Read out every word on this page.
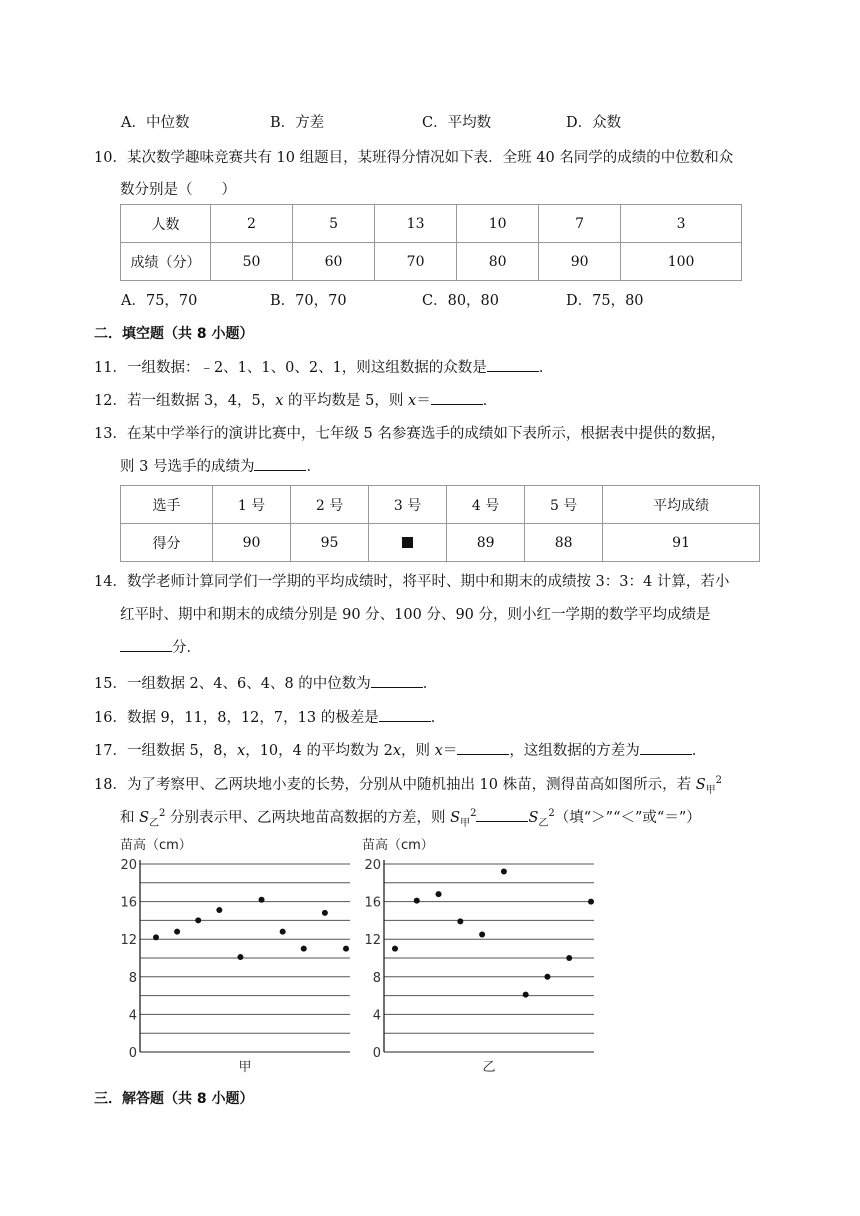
A．中位数	B．方差	C．平均数	D．众数
10．某次数学趣味竞赛共有 10 组题目，某班得分情况如下表．全班 40 名同学的成绩的中位数和众
数分别是（　　）
人数	2	5	13	10	7	3
成绩（分）	50	60	70	80	90	100
A．75，70	B．70，70	C．80，80	D．75，80
二．填空题（共 8 小题）
11．一组数据：﹣2、1、1、0、2、1，则这组数据的众数是	．
12．若一组数据 3，4，5，x 的平均数是 5，则 x＝	．
13．在某中学举行的演讲比赛中，七年级 5 名参赛选手的成绩如下表所示，根据表中提供的数据，
则 3 号选手的成绩为	．
选手	1 号	2 号	3 号	4 号	5 号	平均成绩
得分	90	95		89	88	91
14．数学老师计算同学们一学期的平均成绩时，将平时、期中和期末的成绩按 3：3：4 计算，若小
红平时、期中和期末的成绩分别是 90 分、100 分、90 分，则小红一学期的数学平均成绩是
分．
15．一组数据 2、4、6、4、8 的中位数为	．
16．数据 9，11，8，12，7，13 的极差是	．
17．一组数据 5，8，x，10，4 的平均数为 2x，则 x＝	，这组数据的方差为	．
18．为了考察甲、乙两块地小麦的长势，分别从中随机抽出 10 株苗，测得苗高如图所示，若 $S_甲^2$
和 $S_乙^2$ 分别表示甲、乙两块地苗高数据的方差，则 $S_甲^2$	$S_乙^2$（填“＞”“＜”或“＝”）
0
4
8
12
16
20
苗高（cm）
甲
0
4
8
12
16
20
苗高（cm）
乙
三．解答题（共 8 小题）
